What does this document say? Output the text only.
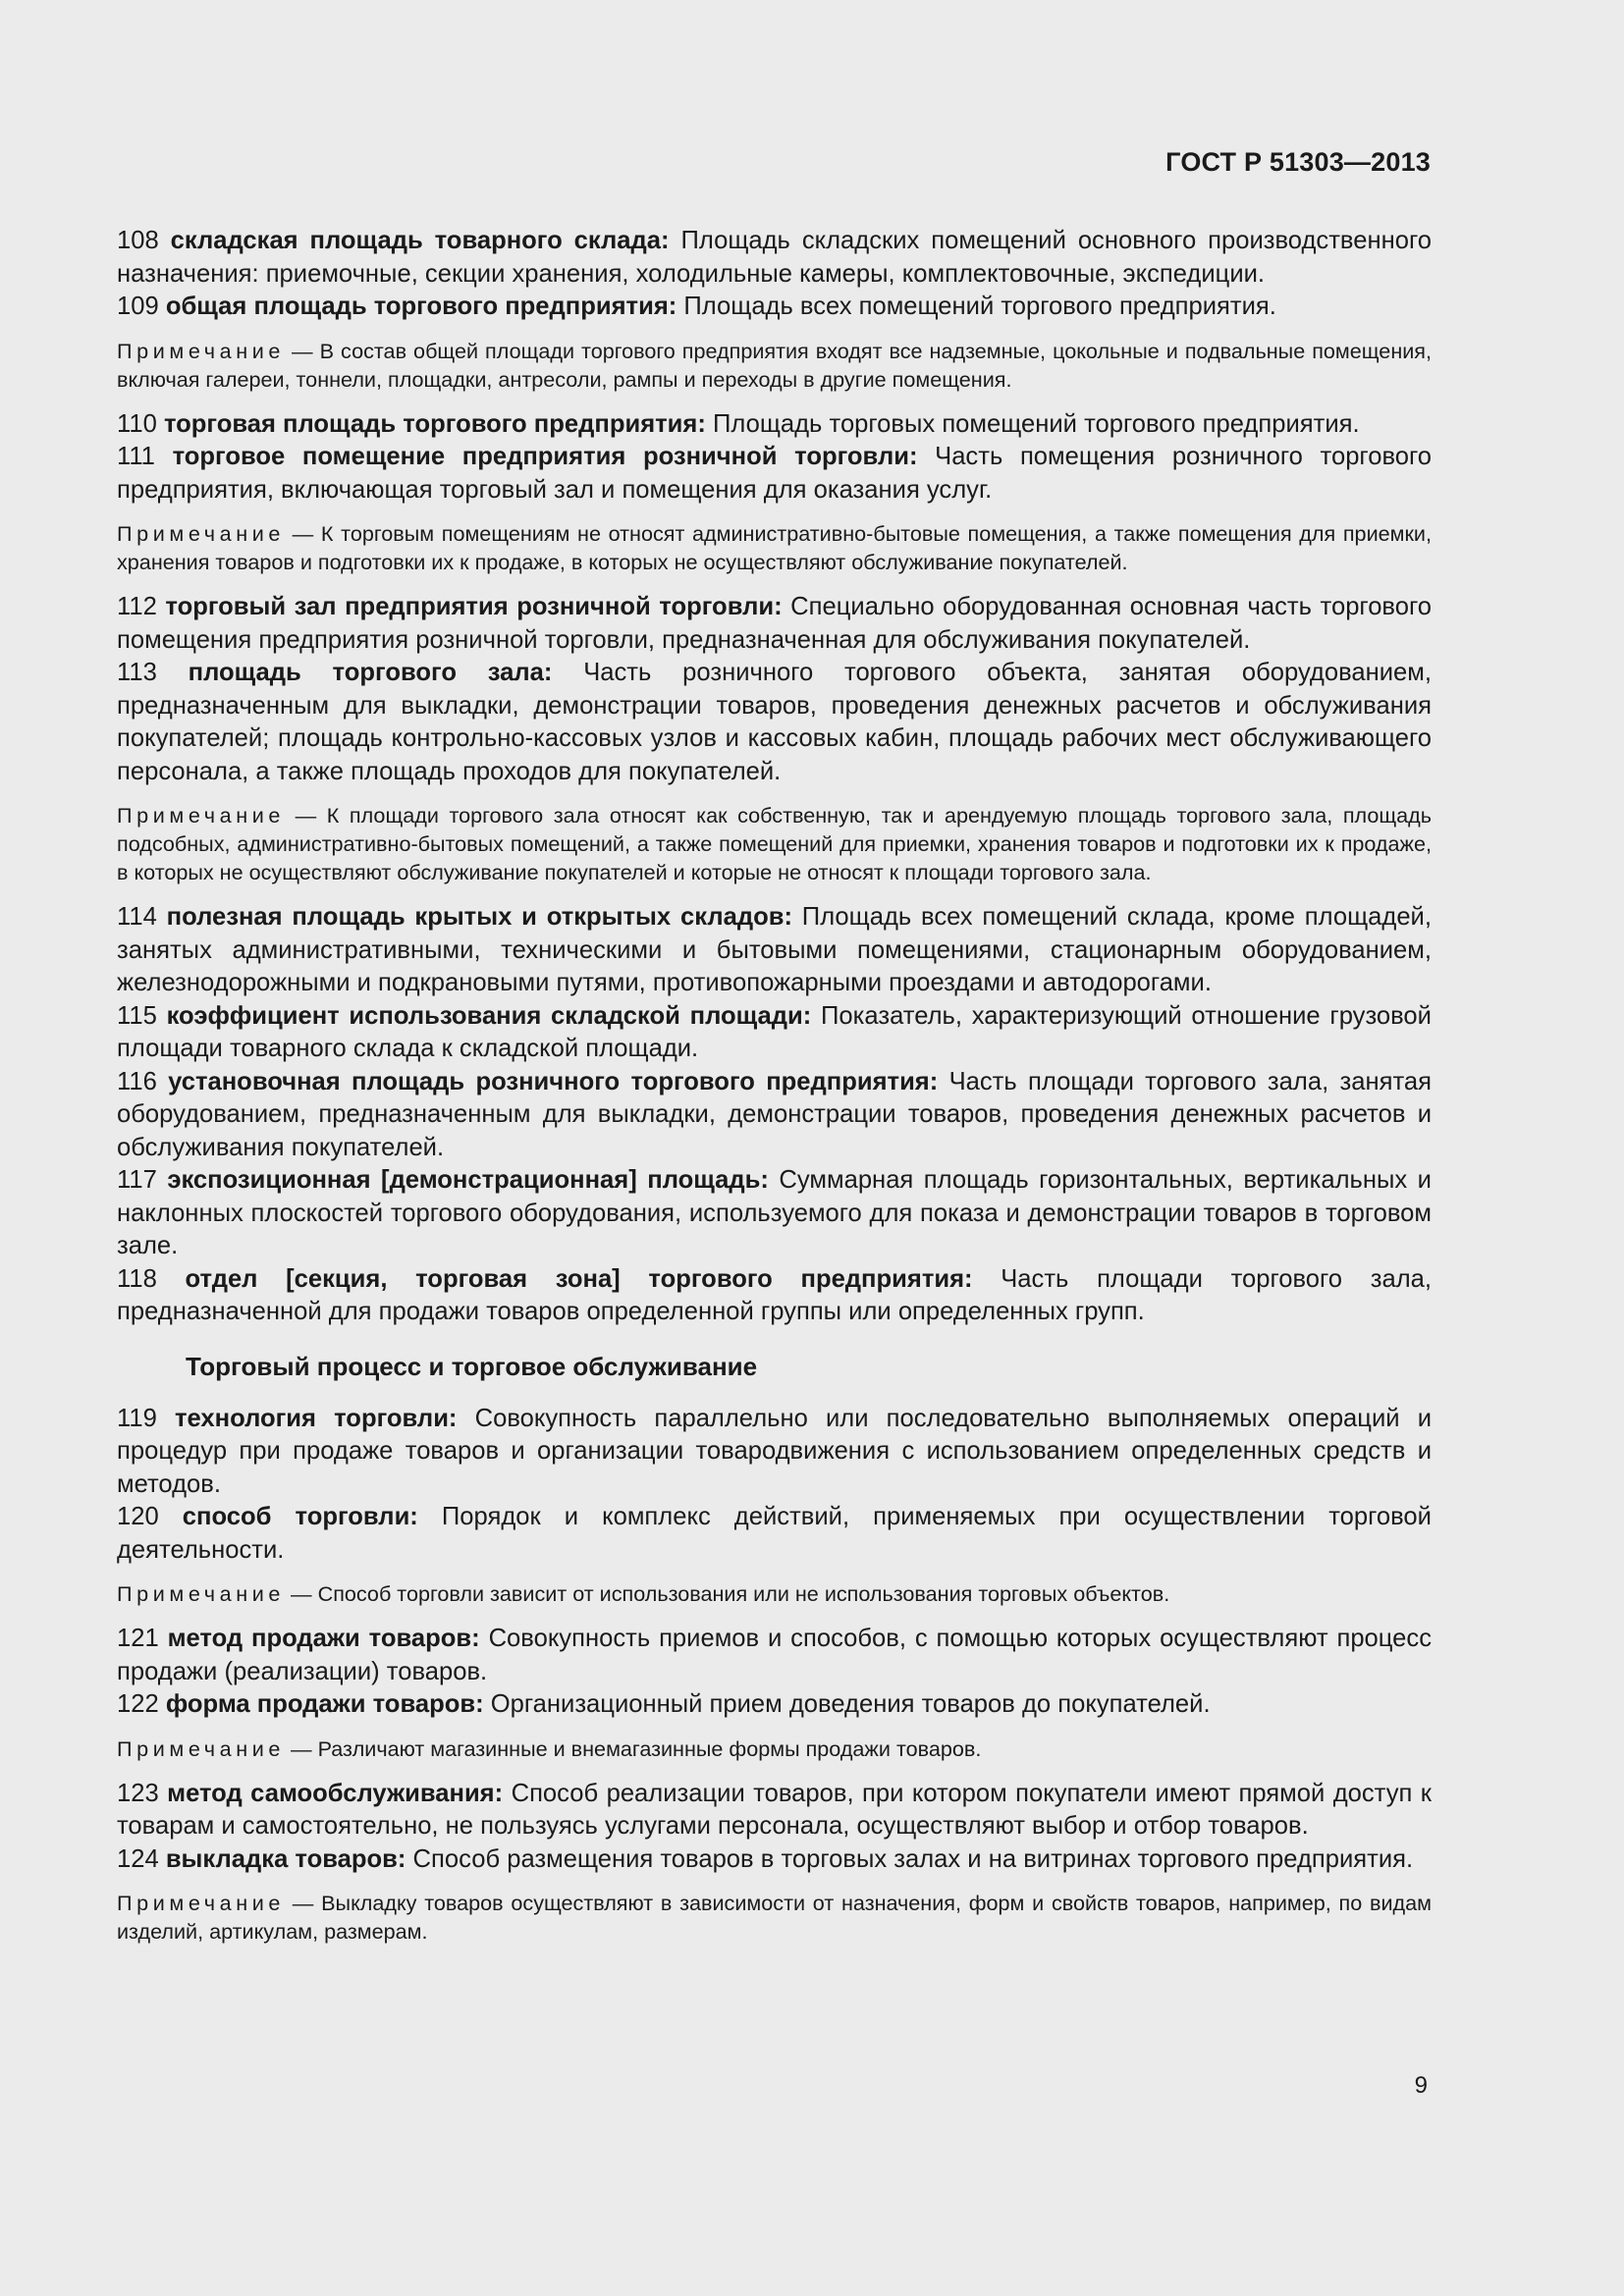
ГОСТ Р 51303—2013

108 складская площадь товарного склада: Площадь складских помещений основного производственного назначения: приемочные, секции хранения, холодильные камеры, комплектовочные, экспедиции.

109 общая площадь торгового предприятия: Площадь всех помещений торгового предприятия.

Примечание — В состав общей площади торгового предприятия входят все надземные, цокольные и подвальные помещения, включая галереи, тоннели, площадки, антресоли, рампы и переходы в другие помещения.

110 торговая площадь торгового предприятия: Площадь торговых помещений торгового предприятия.

111 торговое помещение предприятия розничной торговли: Часть помещения розничного торгового предприятия, включающая торговый зал и помещения для оказания услуг.

Примечание — К торговым помещениям не относят административно-бытовые помещения, а также помещения для приемки, хранения товаров и подготовки их к продаже, в которых не осуществляют обслуживание покупателей.

112 торговый зал предприятия розничной торговли: Специально оборудованная основная часть торгового помещения предприятия розничной торговли, предназначенная для обслуживания покупателей.

113 площадь торгового зала: Часть розничного торгового объекта, занятая оборудованием, предназначенным для выкладки, демонстрации товаров, проведения денежных расчетов и обслуживания покупателей; площадь контрольно-кассовых узлов и кассовых кабин, площадь рабочих мест обслуживающего персонала, а также площадь проходов для покупателей.

Примечание — К площади торгового зала относят как собственную, так и арендуемую площадь торгового зала, площадь подсобных, административно-бытовых помещений, а также помещений для приемки, хранения товаров и подготовки их к продаже, в которых не осуществляют обслуживание покупателей и которые не относят к площади торгового зала.

114 полезная площадь крытых и открытых складов: Площадь всех помещений склада, кроме площадей, занятых административными, техническими и бытовыми помещениями, стационарным оборудованием, железнодорожными и подкрановыми путями, противопожарными проездами и автодорогами.

115 коэффициент использования складской площади: Показатель, характеризующий отношение грузовой площади товарного склада к складской площади.

116 установочная площадь розничного торгового предприятия: Часть площади торгового зала, занятая оборудованием, предназначенным для выкладки, демонстрации товаров, проведения денежных расчетов и обслуживания покупателей.

117 экспозиционная [демонстрационная] площадь: Суммарная площадь горизонтальных, вертикальных и наклонных плоскостей торгового оборудования, используемого для показа и демонстрации товаров в торговом зале.

118 отдел [секция, торговая зона] торгового предприятия: Часть площади торгового зала, предназначенной для продажи товаров определенной группы или определенных групп.

Торговый процесс и торговое обслуживание

119 технология торговли: Совокупность параллельно или последовательно выполняемых операций и процедур при продаже товаров и организации товародвижения с использованием определенных средств и методов.

120 способ торговли: Порядок и комплекс действий, применяемых при осуществлении торговой деятельности.

Примечание — Способ торговли зависит от использования или не использования торговых объектов.

121 метод продажи товаров: Совокупность приемов и способов, с помощью которых осуществляют процесс продажи (реализации) товаров.

122 форма продажи товаров: Организационный прием доведения товаров до покупателей.

Примечание — Различают магазинные и внемагазинные формы продажи товаров.

123 метод самообслуживания: Способ реализации товаров, при котором покупатели имеют прямой доступ к товарам и самостоятельно, не пользуясь услугами персонала, осуществляют выбор и отбор товаров.

124 выкладка товаров: Способ размещения товаров в торговых залах и на витринах торгового предприятия.

Примечание — Выкладку товаров осуществляют в зависимости от назначения, форм и свойств товаров, например, по видам изделий, артикулам, размерам.

9
